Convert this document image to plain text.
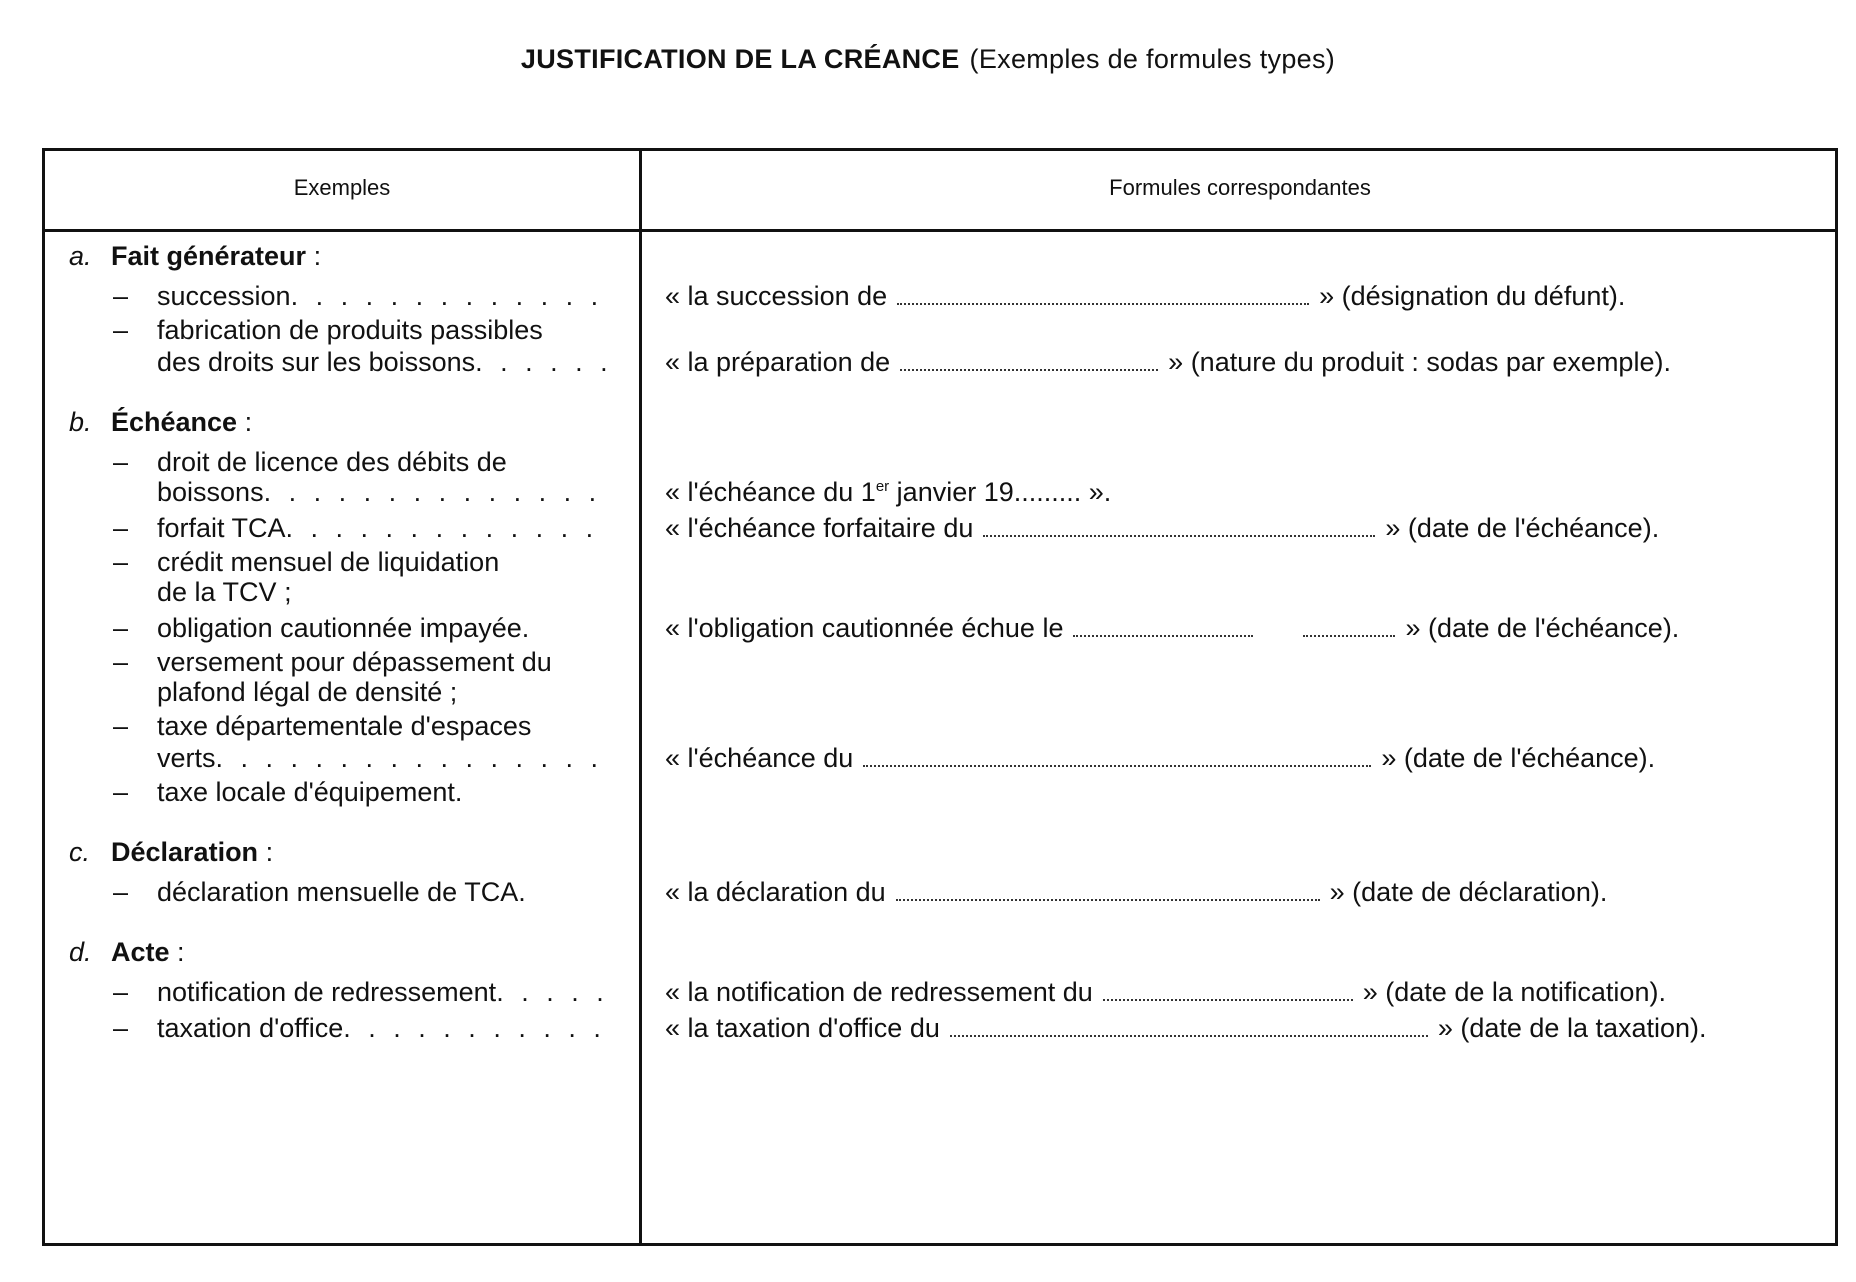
JUSTIFICATION DE LA CRÉANCE (Exemples de formules types)
Exemples	Formules correspondantes
a. Fait générateur :
– succession . . .	« la succession de	» (désignation du défunt).
– fabrication de produits passibles
des droits sur les boissons . . .	« la préparation de	» (nature du produit : sodas par exemple).
b. Échéance :
– droit de licence des débits de
boissons . . .	« l'échéance du 1er janvier 19......... ».
– forfait TCA . . .	« l'échéance forfaitaire du	» (date de l'échéance).
– crédit mensuel de liquidation
de la TCV ;
– obligation cautionnée impayée.	« l'obligation cautionnée échue le	» (date de l'échéance).
– versement pour dépassement du
plafond légal de densité ;
– taxe départementale d'espaces
verts . . .	« l'échéance du	» (date de l'échéance).
– taxe locale d'équipement.
c. Déclaration :
– déclaration mensuelle de TCA.	« la déclaration du	» (date de déclaration).
d. Acte :
– notification de redressement . . .	« la notification de redressement du	» (date de la notification).
– taxation d'office . . .	« la taxation d'office du	» (date de la taxation).
